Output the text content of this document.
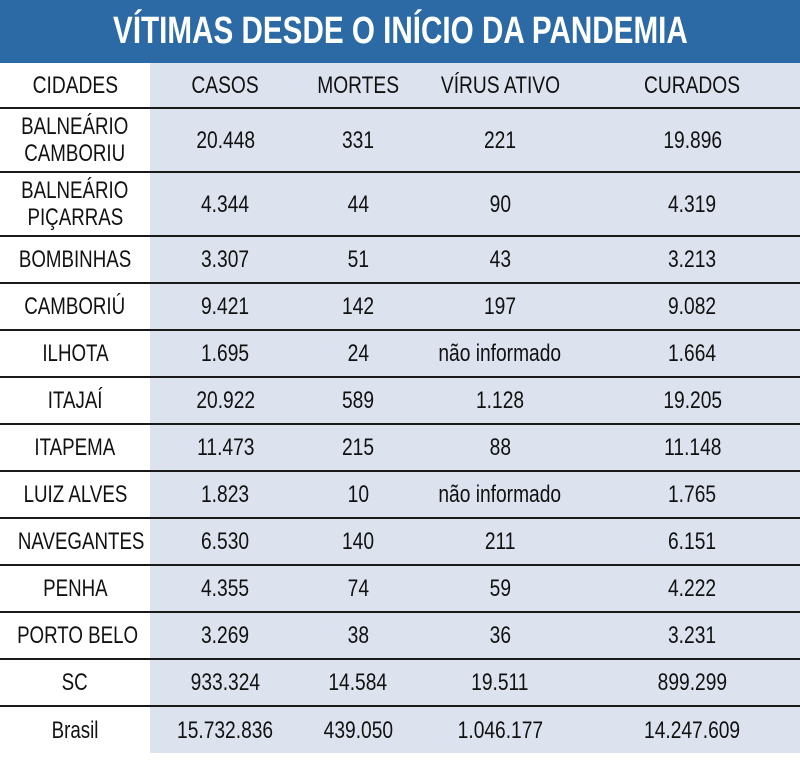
VÍTIMAS DESDE O INÍCIO DA PANDEMIA
CIDADES	CASOS	MORTES	VÍRUS ATIVO	CURADOS

BALNEÁRIO
CAMBORIU	20.448	331	221	19.896

BALNEÁRIO
PIÇARRAS	4.344	44	90	4.319

BOMBINHAS	3.307	51	43	3.213

CAMBORIÚ	9.421	142	197	9.082

ILHOTA	1.695	24	não informado	1.664

ITAJAÍ	20.922	589	1.128	19.205

ITAPEMA	11.473	215	88	11.148

LUIZ ALVES	1.823	10	não informado	1.765

NAVEGANTES	6.530	140	211	6.151

PENHA	4.355	74	59	4.222

PORTO BELO	3.269	38	36	3.231

SC	933.324	14.584	19.511	899.299

Brasil	15.732.836	439.050	1.046.177	14.247.609
